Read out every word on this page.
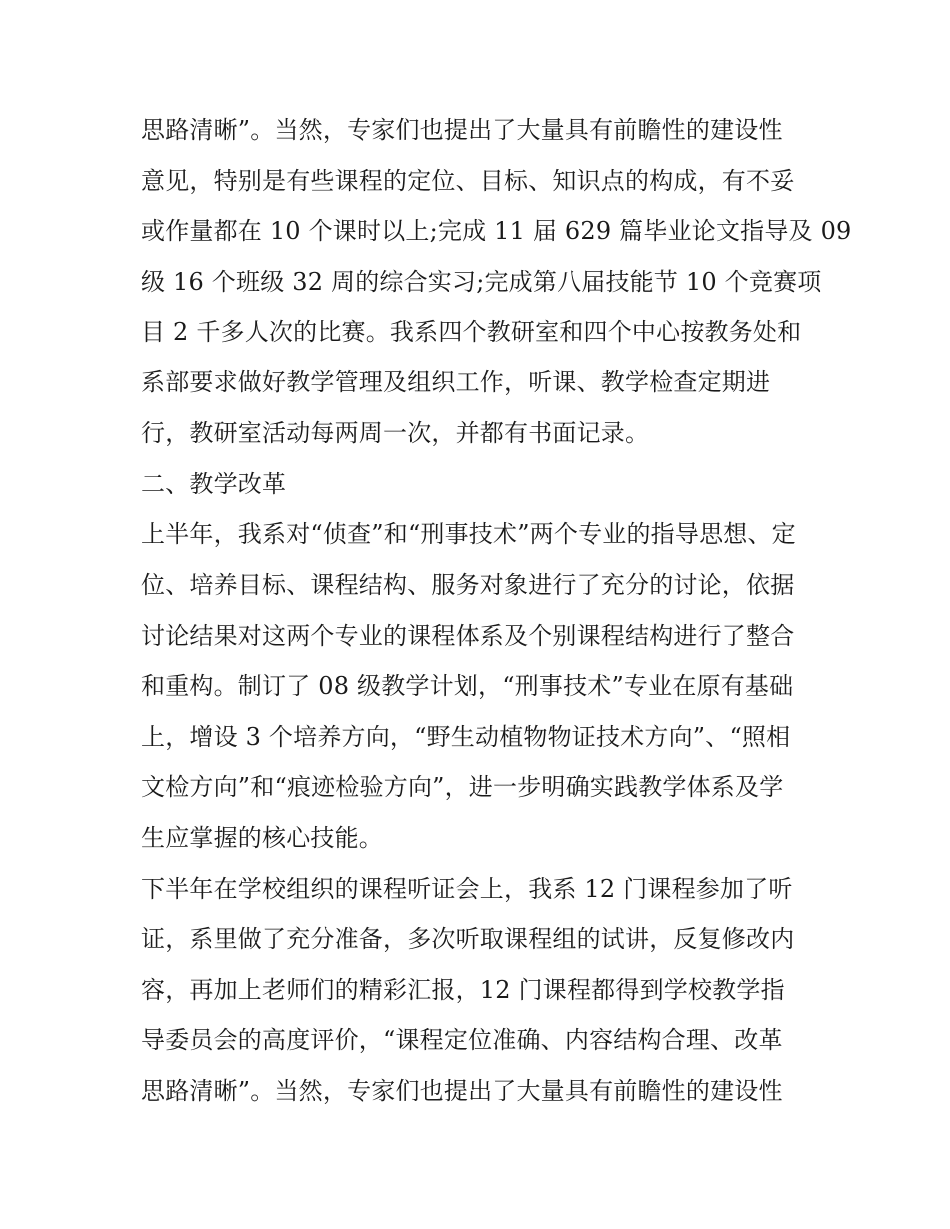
思路清晰”。当然，专家们也提出了大量具有前瞻性的建设性
意见，特别是有些课程的定位、目标、知识点的构成，有不妥
或作量都在 10 个课时以上;完成 11 届 629 篇毕业论文指导及 09
级 16 个班级 32 周的综合实习;完成第八届技能节 10 个竞赛项
目 2 千多人次的比赛。我系四个教研室和四个中心按教务处和
系部要求做好教学管理及组织工作，听课、教学检查定期进
行，教研室活动每两周一次，并都有书面记录。
二、教学改革
上半年，我系对“侦查”和“刑事技术”两个专业的指导思想、定
位、培养目标、课程结构、服务对象进行了充分的讨论，依据
讨论结果对这两个专业的课程体系及个别课程结构进行了整合
和重构。制订了 08 级教学计划，“刑事技术”专业在原有基础
上，增设 3 个培养方向，“野生动植物物证技术方向”、“照相
文检方向”和“痕迹检验方向”，进一步明确实践教学体系及学
生应掌握的核心技能。
下半年在学校组织的课程听证会上，我系 12 门课程参加了听
证，系里做了充分准备，多次听取课程组的试讲，反复修改内
容，再加上老师们的精彩汇报，12 门课程都得到学校教学指
导委员会的高度评价，“课程定位准确、内容结构合理、改革
思路清晰”。当然，专家们也提出了大量具有前瞻性的建设性
